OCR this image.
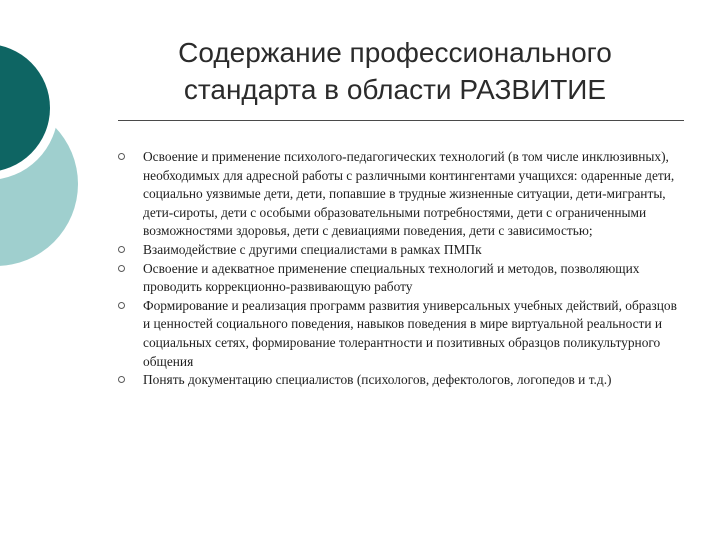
Содержание профессионального
стандарта в области РАЗВИТИЕ
Освоение и применение психолого-педагогических технологий (в том числе инклюзивных), необходимых для адресной работы с различными контингентами учащихся: одаренные дети, социально уязвимые дети, дети, попавшие в трудные жизненные ситуации, дети-мигранты, дети-сироты, дети с особыми образовательными потребностями, дети с ограниченными возможностями здоровья, дети с девиациями поведения, дети с зависимостью;
Взаимодействие с другими специалистами в рамках ПМПк
Освоение и адекватное применение специальных технологий и методов, позволяющих проводить коррекционно-развивающую работу
Формирование и реализация программ развития универсальных учебных действий, образцов и ценностей социального поведения, навыков поведения в мире виртуальной реальности и социальных сетях, формирование толерантности и позитивных образцов поликультурного общения
Понять документацию специалистов (психологов, дефектологов, логопедов и т.д.)
